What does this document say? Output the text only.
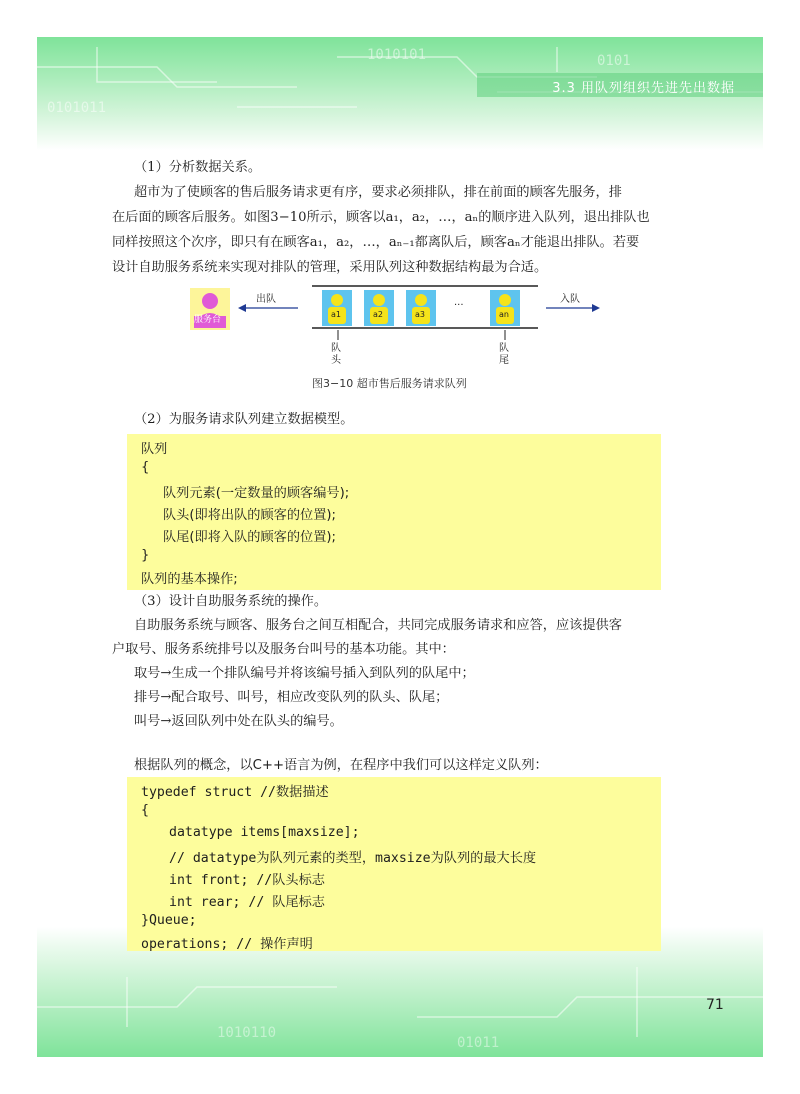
0101011
1010101	0101
3.3 用队列组织先进先出数据
1010110
01011
71
（1）分析数据关系。
超市为了使顾客的售后服务请求更有序，要求必须排队，排在前面的顾客先服务，排
在后面的顾客后服务。如图3−10所示，顾客以a₁，a₂，…，aₙ的顺序进入队列，退出排队也
同样按照这个次序，即只有在顾客a₁，a₂，…，aₙ₋₁都离队后，顾客aₙ才能退出排队。若要
设计自助服务系统来实现对排队的管理，采用队列这种数据结构最为合适。
服务台
出队
a1	a2	a3
···
an
入队
队
头
队
尾
图3−10 超市售后服务请求队列
（2）为服务请求队列建立数据模型。
队列
{
队列元素(一定数量的顾客编号);
队头(即将出队的顾客的位置);
队尾(即将入队的顾客的位置);
}
队列的基本操作;
（3）设计自助服务系统的操作。
自助服务系统与顾客、服务台之间互相配合，共同完成服务请求和应答，应该提供客
户取号、服务系统排号以及服务台叫号的基本功能。其中：
取号→生成一个排队编号并将该编号插入到队列的队尾中；
排号→配合取号、叫号，相应改变队列的队头、队尾；
叫号→返回队列中处在队头的编号。
根据队列的概念，以C++语言为例，在程序中我们可以这样定义队列：
typedef struct //数据描述
{
datatype items[maxsize];
// datatype为队列元素的类型，maxsize为队列的最大长度
int front; //队头标志
int rear; // 队尾标志
}Queue;
operations; // 操作声明
